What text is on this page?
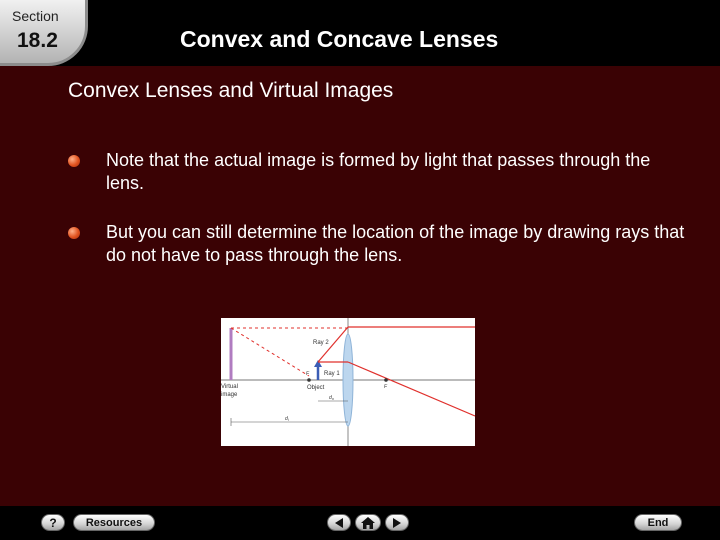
Section
18.2	Convex and Concave Lenses
Convex Lenses and Virtual Images
Note that the actual image is formed by light that passes through the lens.
But you can still determine the location of the image by drawing rays that do not have to pass through the lens.
Ray 2
Ray 1
F
F
Object
Virtual
image	d o
d i
?	Resources	End
